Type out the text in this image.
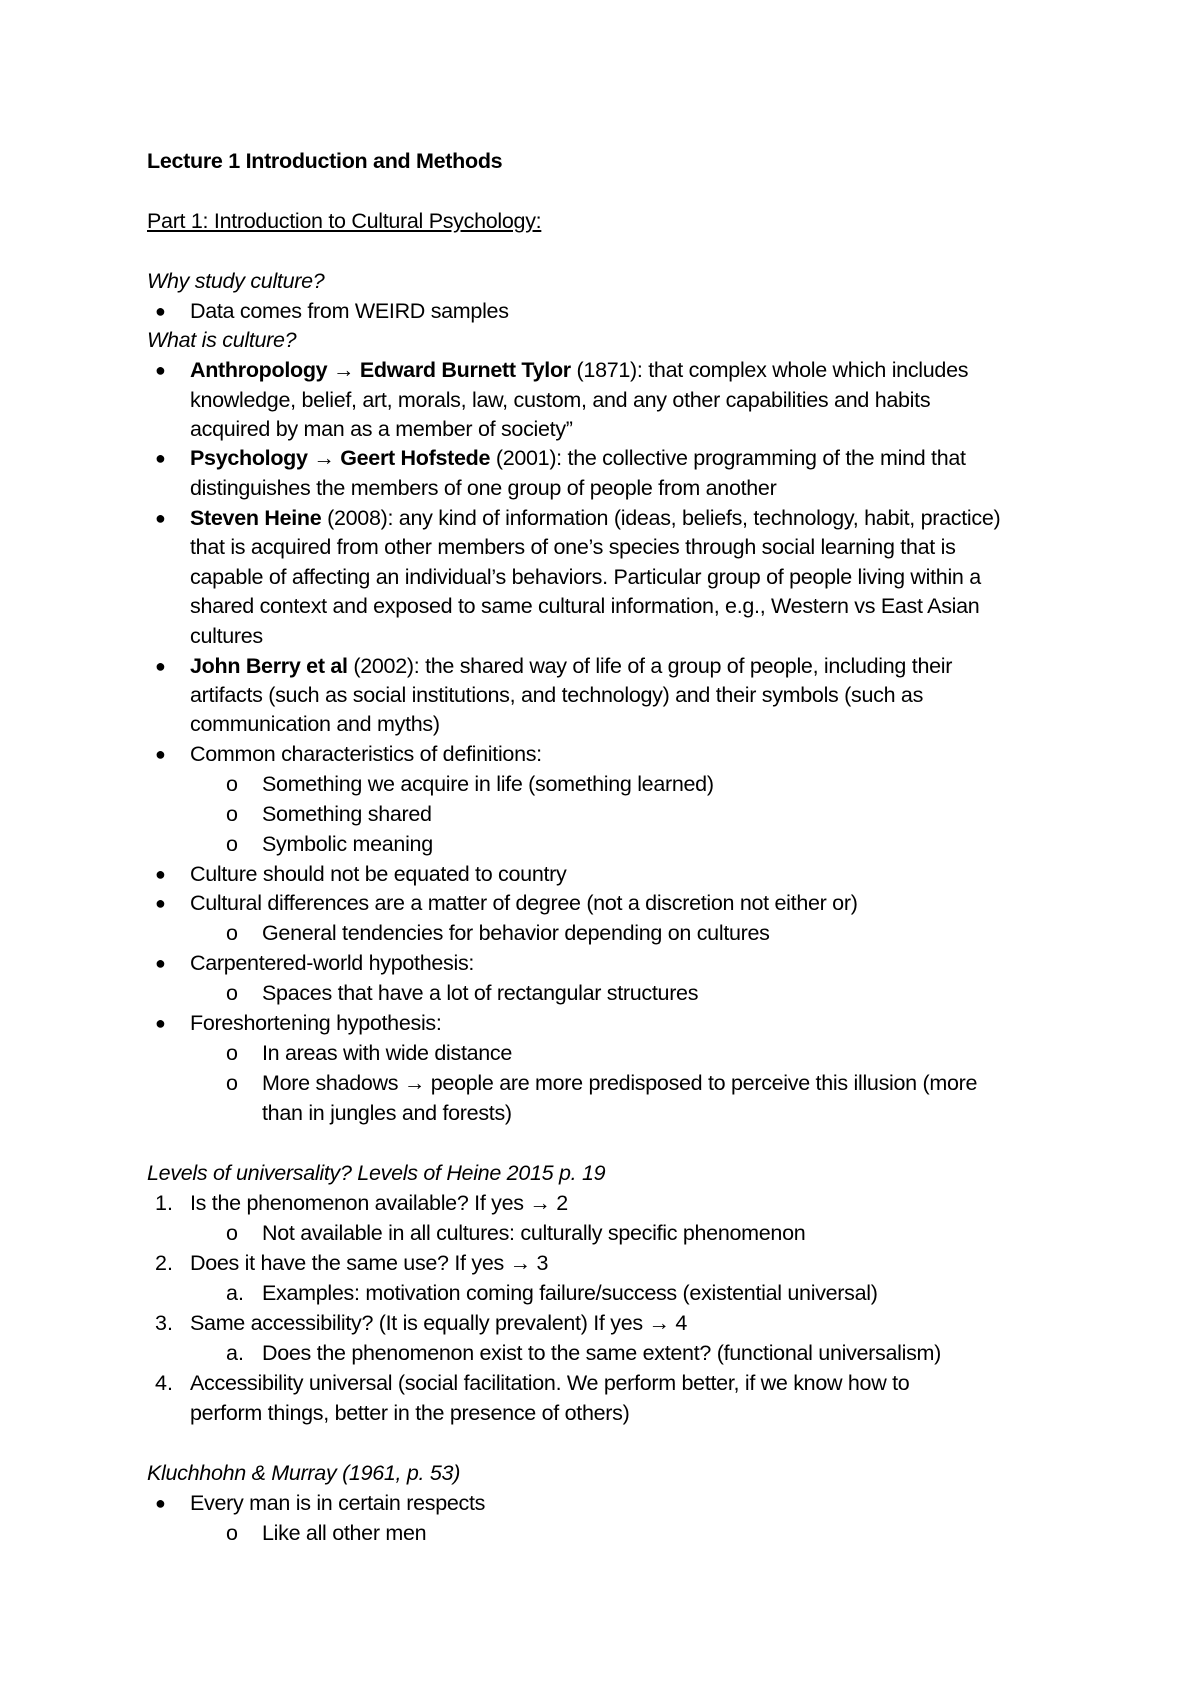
Lecture 1 Introduction and Methods
Part 1: Introduction to Cultural Psychology:
Why study culture?
● Data comes from WEIRD samples
What is culture?
● Anthropology → Edward Burnett Tylor (1871): that complex whole which includes
knowledge, belief, art, morals, law, custom, and any other capabilities and habits
acquired by man as a member of society”
● Psychology → Geert Hofstede (2001): the collective programming of the mind that
distinguishes the members of one group of people from another
● Steven Heine (2008): any kind of information (ideas, beliefs, technology, habit, practice)
that is acquired from other members of one’s species through social learning that is
capable of affecting an individual’s behaviors. Particular group of people living within a
shared context and exposed to same cultural information, e.g., Western vs East Asian
cultures
● John Berry et al (2002): the shared way of life of a group of people, including their
artifacts (such as social institutions, and technology) and their symbols (such as
communication and myths)
● Common characteristics of definitions:
o Something we acquire in life (something learned)
o Something shared
o Symbolic meaning
● Culture should not be equated to country
● Cultural differences are a matter of degree (not a discretion not either or)
o General tendencies for behavior depending on cultures
● Carpentered-world hypothesis:
o Spaces that have a lot of rectangular structures
● Foreshortening hypothesis:
o In areas with wide distance
o More shadows → people are more predisposed to perceive this illusion (more
than in jungles and forests)
Levels of universality? Levels of Heine 2015 p. 19
1. Is the phenomenon available? If yes → 2
o Not available in all cultures: culturally specific phenomenon
2. Does it have the same use? If yes → 3
a. Examples: motivation coming failure/success (existential universal)
3. Same accessibility? (It is equally prevalent) If yes → 4
a. Does the phenomenon exist to the same extent? (functional universalism)
4. Accessibility universal (social facilitation. We perform better, if we know how to
perform things, better in the presence of others)
Kluchhohn & Murray (1961, p. 53)
● Every man is in certain respects
o Like all other men
